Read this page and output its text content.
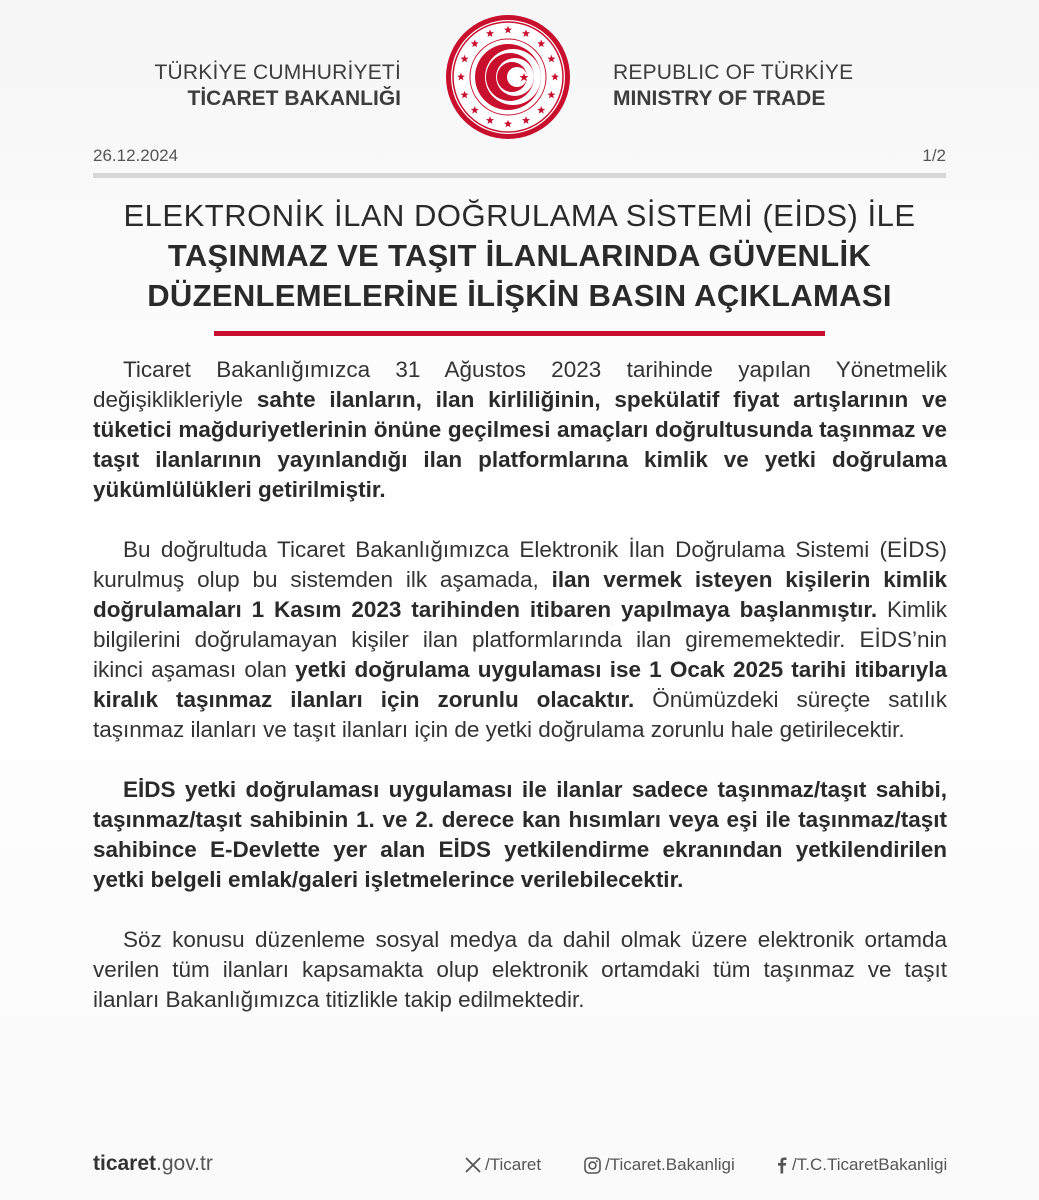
TÜRKİYE CUMHURİYETİ
TİCARET BAKANLIĞI
REPUBLIC OF TÜRKİYE
MINISTRY OF TRADE
26.12.2024	1/2
ELEKTRONİK İLAN DOĞRULAMA SİSTEMİ (EİDS) İLE
TAŞINMAZ VE TAŞIT İLANLARINDA GÜVENLİK
DÜZENLEMELERİNE İLİŞKİN BASIN AÇIKLAMASI

Ticaret Bakanlığımızca 31 Ağustos 2023 tarihinde yapılan Yönetmelik değişiklikleriyle sahte ilanların, ilan kirliliğinin, spekülatif fiyat artışlarının ve tüketici mağduriyetlerinin önüne geçilmesi amaçları doğrultusunda taşınmaz ve taşıt ilanlarının yayınlandığı ilan platformlarına kimlik ve yetki doğrulama yükümlülükleri getirilmiştir.

Bu doğrultuda Ticaret Bakanlığımızca Elektronik İlan Doğrulama Sistemi (EİDS) kurulmuş olup bu sistemden ilk aşamada, ilan vermek isteyen kişilerin kimlik doğrulamaları 1 Kasım 2023 tarihinden itibaren yapılmaya başlanmıştır. Kimlik bilgilerini doğrulamayan kişiler ilan platformlarında ilan girememektedir. EİDS’nin ikinci aşaması olan yetki doğrulama uygulaması ise 1 Ocak 2025 tarihi itibarıyla kiralık taşınmaz ilanları için zorunlu olacaktır. Önümüzdeki süreçte satılık taşınmaz ilanları ve taşıt ilanları için de yetki doğrulama zorunlu hale getirilecektir.

EİDS yetki doğrulaması uygulaması ile ilanlar sadece taşınmaz/taşıt sahibi, taşınmaz/taşıt sahibinin 1. ve 2. derece kan hısımları veya eşi ile taşınmaz/taşıt sahibince E-Devlette yer alan EİDS yetkilendirme ekranından yetkilendirilen yetki belgeli emlak/galeri işletmelerince verilebilecektir.

Söz konusu düzenleme sosyal medya da dahil olmak üzere elektronik ortamda verilen tüm ilanları kapsamakta olup elektronik ortamdaki tüm taşınmaz ve taşıt ilanları Bakanlığımızca titizlikle takip edilmektedir.

ticaret.gov.tr	/Ticaret	/Ticaret.Bakanligi	/T.C.TicaretBakanligi
